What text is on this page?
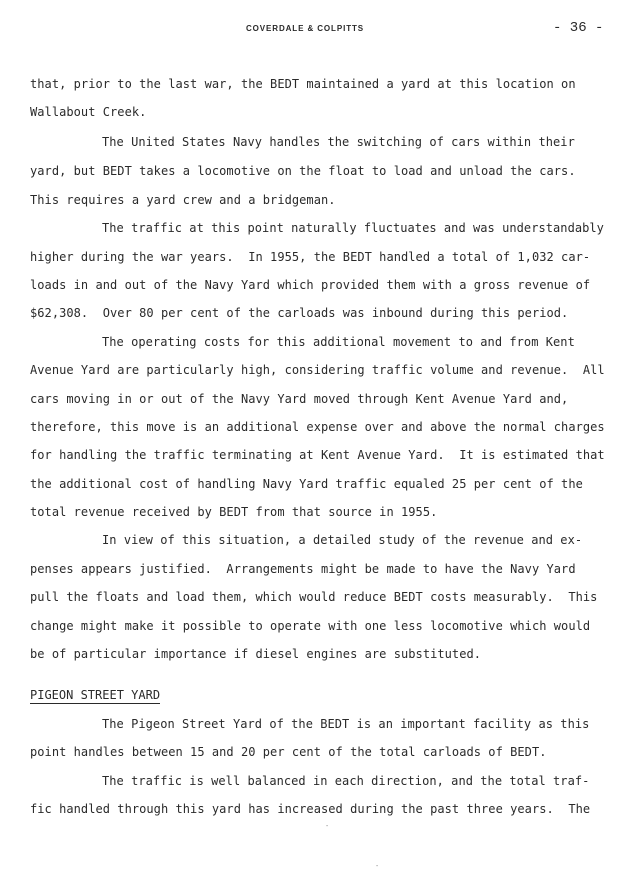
COVERDALE & COLPITTS	- 36 -
that, prior to the last war, the BEDT maintained a yard at this location on
Wallabout Creek.
The United States Navy handles the switching of cars within their
yard, but BEDT takes a locomotive on the float to load and unload the cars.
This requires a yard crew and a bridgeman.
The traffic at this point naturally fluctuates and was understandably
higher during the war years.  In 1955, the BEDT handled a total of 1,032 car-
loads in and out of the Navy Yard which provided them with a gross revenue of
$62,308.  Over 80 per cent of the carloads was inbound during this period.
The operating costs for this additional movement to and from Kent
Avenue Yard are particularly high, considering traffic volume and revenue.  All
cars moving in or out of the Navy Yard moved through Kent Avenue Yard and,
therefore, this move is an additional expense over and above the normal charges
for handling the traffic terminating at Kent Avenue Yard.  It is estimated that
the additional cost of handling Navy Yard traffic equaled 25 per cent of the
total revenue received by BEDT from that source in 1955.
In view of this situation, a detailed study of the revenue and ex-
penses appears justified.  Arrangements might be made to have the Navy Yard
pull the floats and load them, which would reduce BEDT costs measurably.  This
change might make it possible to operate with one less locomotive which would
be of particular importance if diesel engines are substituted.
PIGEON STREET YARD
The Pigeon Street Yard of the BEDT is an important facility as this
point handles between 15 and 20 per cent of the total carloads of BEDT.
The traffic is well balanced in each direction, and the total traf-
fic handled through this yard has increased during the past three years.  The
-
-
